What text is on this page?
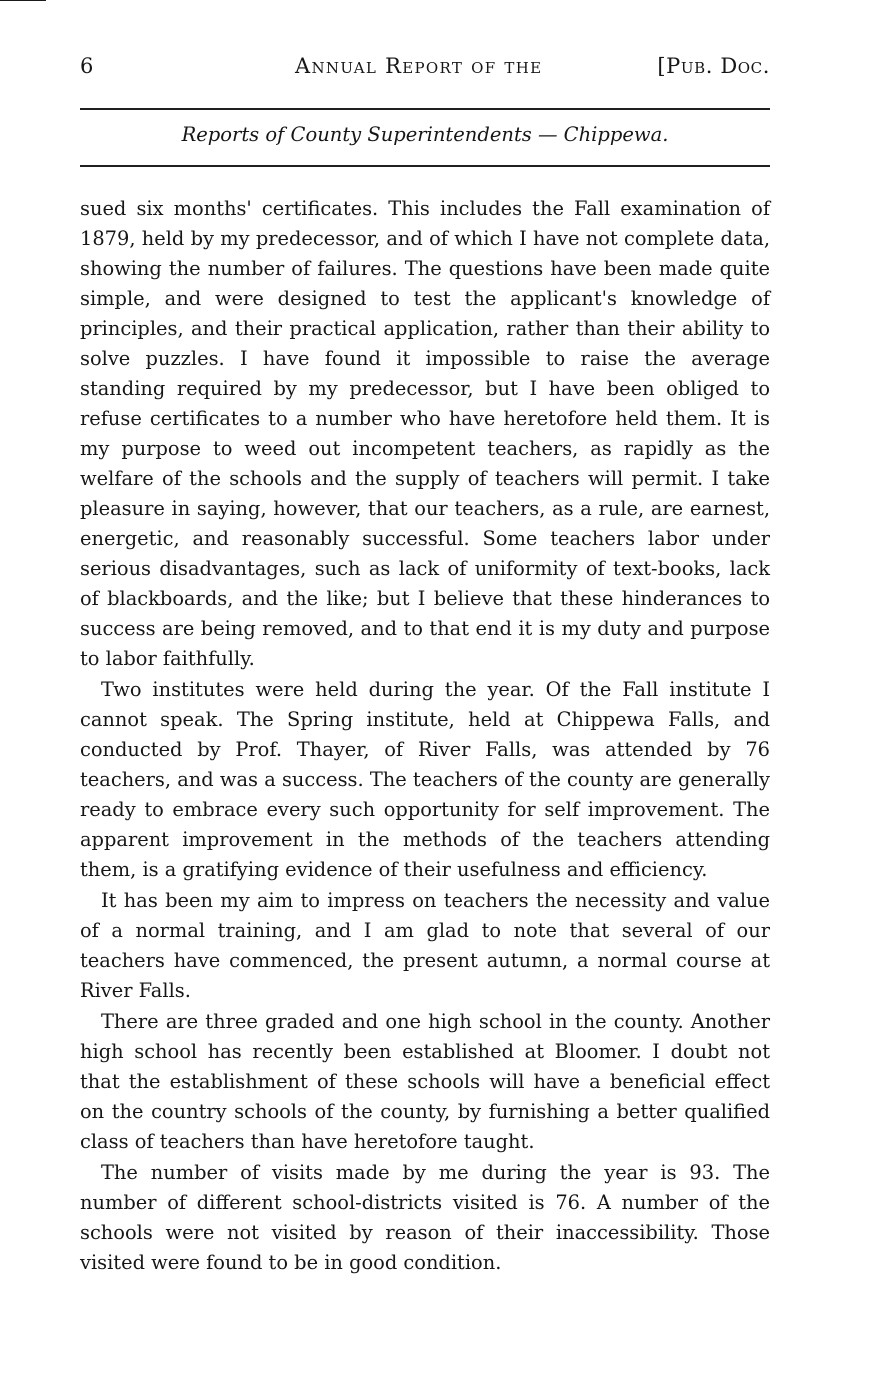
6	Annual Report of the	[Pub. Doc.
Reports of County Superintendents — Chippewa.

sued six months' certificates. This includes the Fall examination of 1879, held by my predecessor, and of which I have not complete data, showing the number of failures. The questions have been made quite simple, and were designed to test the applicant's knowledge of principles, and their practical application, rather than their ability to solve puzzles. I have found it impossible to raise the average standing required by my predecessor, but I have been obliged to refuse certificates to a number who have heretofore held them. It is my purpose to weed out incompetent teachers, as rapidly as the welfare of the schools and the supply of teachers will permit. I take pleasure in saying, however, that our teachers, as a rule, are earnest, energetic, and reasonably successful. Some teachers labor under serious disadvantages, such as lack of uniformity of text-books, lack of blackboards, and the like; but I believe that these hinderances to success are being removed, and to that end it is my duty and purpose to labor faithfully.

Two institutes were held during the year. Of the Fall institute I cannot speak. The Spring institute, held at Chippewa Falls, and conducted by Prof. Thayer, of River Falls, was attended by 76 teachers, and was a success. The teachers of the county are generally ready to embrace every such opportunity for self improvement. The apparent improvement in the methods of the teachers attending them, is a gratifying evidence of their usefulness and efficiency.

It has been my aim to impress on teachers the necessity and value of a normal training, and I am glad to note that several of our teachers have commenced, the present autumn, a normal course at River Falls.

There are three graded and one high school in the county. Another high school has recently been established at Bloomer. I doubt not that the establishment of these schools will have a beneficial effect on the country schools of the county, by furnishing a better qualified class of teachers than have heretofore taught.

The number of visits made by me during the year is 93. The number of different school-districts visited is 76. A number of the schools were not visited by reason of their inaccessibility. Those visited were found to be in good condition.
